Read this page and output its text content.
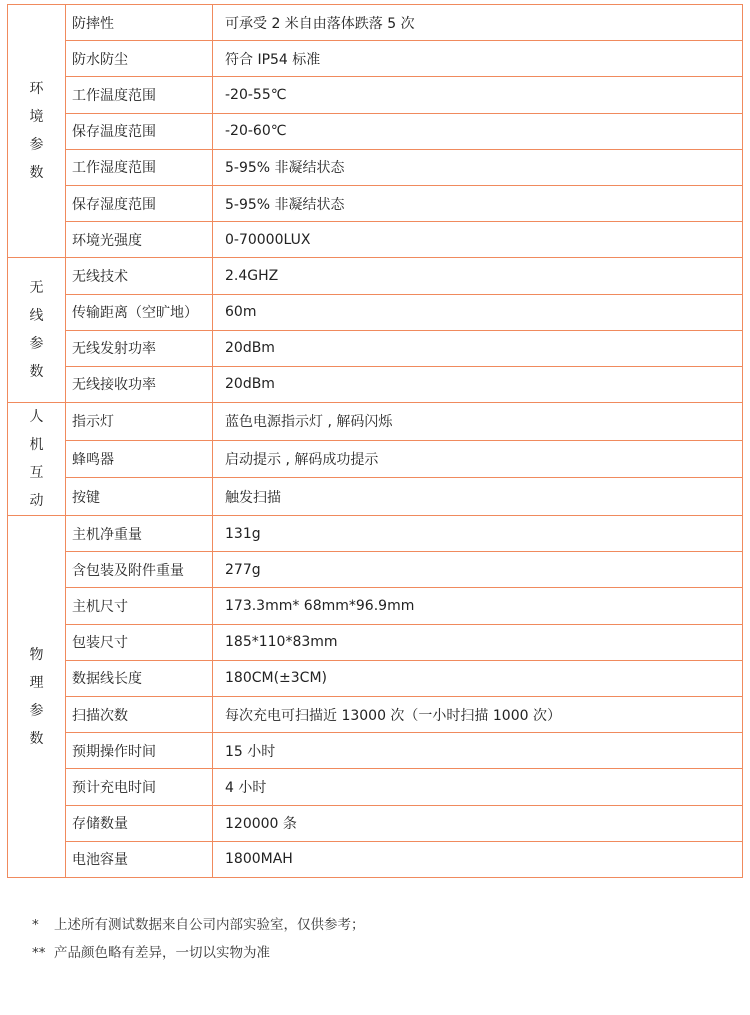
环
境
参
数	防摔性	可承受 2 米自由落体跌落 5 次
	防水防尘	符合 IP54 标准
	工作温度范围	-20-55℃
	保存温度范围	-20-60℃
	工作湿度范围	5-95% 非凝结状态
	保存湿度范围	5-95% 非凝结状态
	环境光强度	0-70000LUX

无
线
参
数	无线技术	2.4GHZ
	传输距离（空旷地）	60m
	无线发射功率	20dBm
	无线接收功率	20dBm

人
机
互
动	指示灯	蓝色电源指示灯 , 解码闪烁
	蜂鸣器	启动提示 , 解码成功提示
	按键	触发扫描

物
理
参
数	主机净重量	131g
	含包装及附件重量	277g
	主机尺寸	173.3mm* 68mm*96.9mm
	包装尺寸	185*110*83mm
	数据线长度	180CM(±3CM)
	扫描次数	每次充电可扫描近 13000 次（一小时扫描 1000 次）
	预期操作时间	15 小时
	预计充电时间	4 小时
	存储数量	120000 条
	电池容量	1800MAH
* 上述所有测试数据来自公司内部实验室，仅供参考；
** 产品颜色略有差异，一切以实物为准
